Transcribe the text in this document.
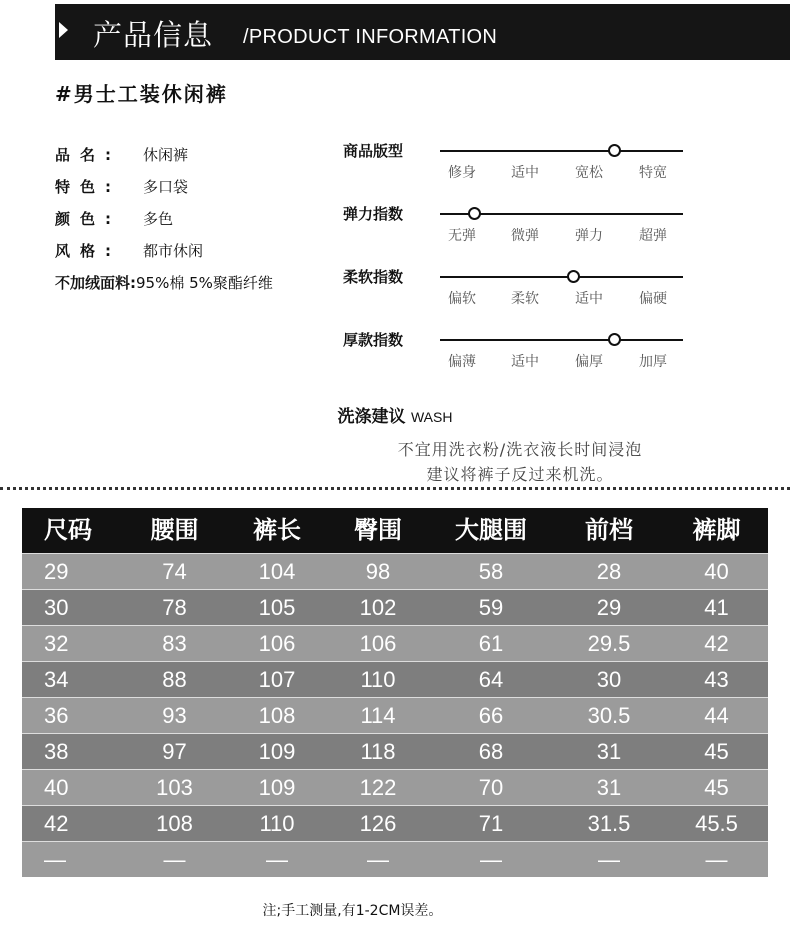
产品信息 /PRODUCT INFORMATION
#男士工装休闲裤
品名: 休闲裤
特色: 多口袋
颜色: 多色
风格: 都市休闲
不加绒面料:95%棉 5%聚酯纤维
商品版型
修身	适中	宽松	特宽
弹力指数
无弹	微弹	弹力	超弹
柔软指数
偏软	柔软	适中	偏硬
厚款指数
偏薄	适中	偏厚	加厚
洗涤建议 WASH
不宜用洗衣粉/洗衣液长时间浸泡
建议将裤子反过来机洗。
尺码	腰围	裤长	臀围	大腿围	前档	裤脚
29	74	104	98	58	28	40
30	78	105	102	59	29	41
32	83	106	106	61	29.5	42
34	88	107	110	64	30	43
36	93	108	114	66	30.5	44
38	97	109	118	68	31	45
40	103	109	122	70	31	45
42	108	110	126	71	31.5	45.5
—	—	—	—	—	—	—
注;手工测量,有1-2CM误差。
